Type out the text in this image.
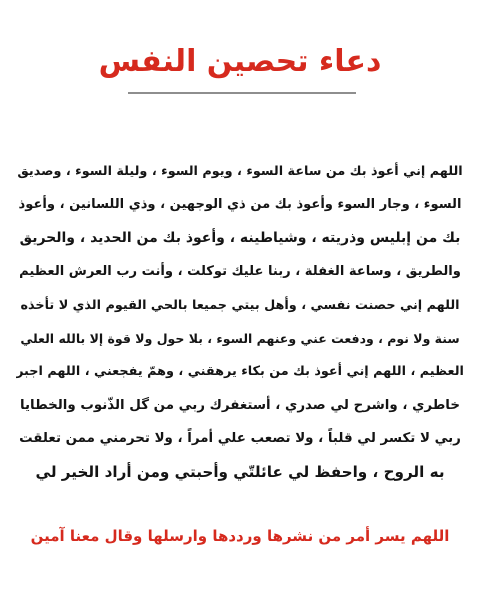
دعاء تحصين النفس
اللهم إني أعوذ بك من ساعة السوء ، ويوم السوء ، وليلة السوء ، وصديق
السوء ، وجار السوء وأعوذ بك من ذي الوجهين ، وذي اللسانين ، وأعوذ
بك من إبليس وذريته ، وشياطينه ، وأعوذ بك من الحديد ، والحريق
والطريق ، وساعة الغفلة ، ربنا عليك توكلت ، وأنت رب العرش العظيم
اللهم إني حصنت نفسي ، وأهل بيتي جميعا بالحي القيوم الذي لا تأخذه
سنة ولا نوم ، ودفعت عني وعنهم السوء ، بلا حول ولا قوة إلا بالله العلي
العظيم ، اللهم إني أعوذ بك من بكاء يرهقني ، وهمّ يفجعني ، اللهم اجبر
خاطري ، واشرح لي صدري ، أستغفرك ربي من گل الذّنوب والخطايا
ربي لا تكسر لي قلباً ، ولا تصعب علي أمراً ، ولا تحرمني ممن تعلقت
به الروح ، واحفظ لي عائلتّي وأحبتي ومن أراد الخير لي
اللهم يسر أمر من نشرها ورددها وارسلها وقال معنا آمين
